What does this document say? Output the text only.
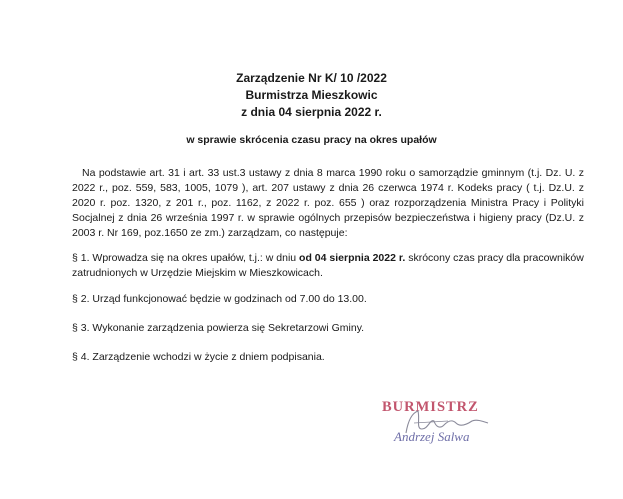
Zarządzenie Nr K/ 10 /2022
Burmistrza Mieszkowic
z dnia 04 sierpnia 2022 r.
w sprawie skrócenia czasu pracy na okres upałów
Na podstawie art. 31 i art. 33 ust.3 ustawy z dnia 8 marca 1990 roku o samorządzie gminnym (t.j. Dz. U. z 2022 r., poz. 559, 583, 1005, 1079 ), art. 207 ustawy z dnia 26 czerwca 1974 r. Kodeks pracy ( t.j. Dz.U. z 2020 r. poz. 1320, z 201 r., poz. 1162, z 2022 r. poz. 655 ) oraz rozporządzenia Ministra Pracy i Polityki Socjalnej z dnia 26 września 1997 r. w sprawie ogólnych przepisów bezpieczeństwa i higieny pracy (Dz.U. z 2003 r. Nr 169, poz.1650 ze zm.) zarządzam, co następuje:
§ 1. Wprowadza się na okres upałów, t.j.: w dniu od 04 sierpnia 2022 r. skrócony czas pracy dla pracowników zatrudnionych w Urzędzie Miejskim w Mieszkowicach.
§ 2. Urząd funkcjonować będzie w godzinach od 7.00 do 13.00.
§ 3. Wykonanie zarządzenia powierza się Sekretarzowi Gminy.
§ 4. Zarządzenie wchodzi w życie z dniem podpisania.
BURMISTRZ
Andrzej Salwa
